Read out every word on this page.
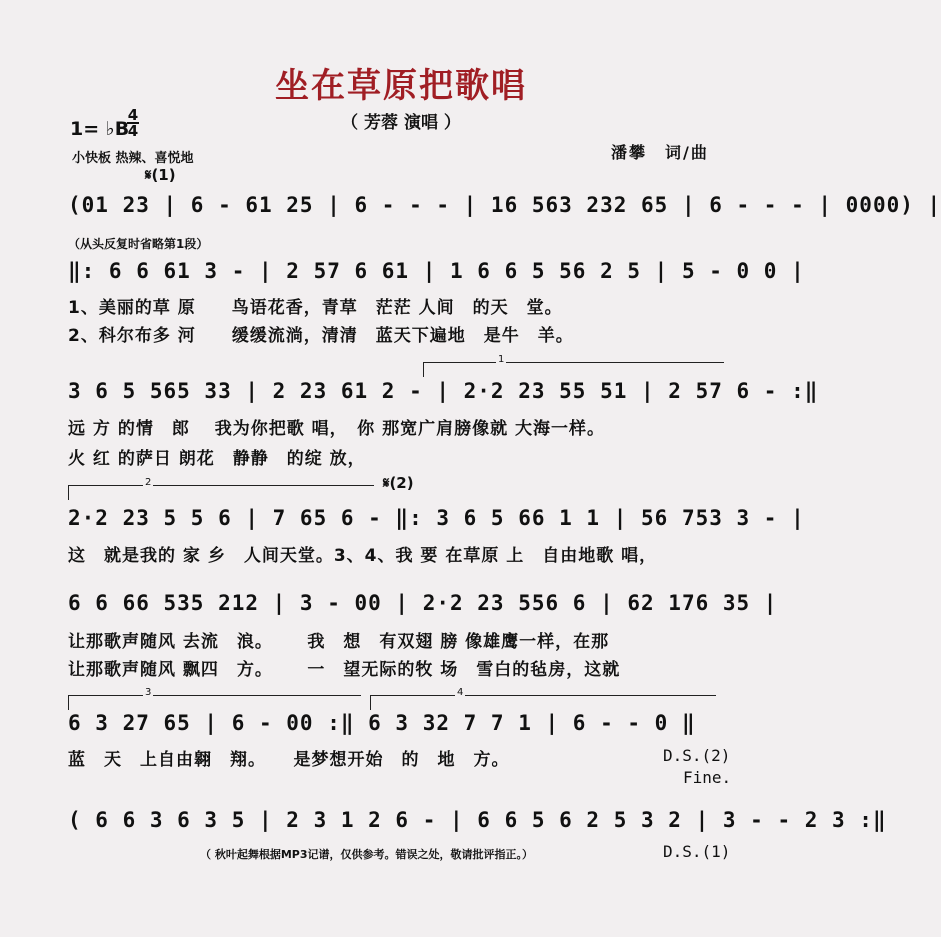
坐在草原把歌唱
（ 芳蓉 演唱 ）
1= ♭B
4
4
小快板 热辣、喜悦地	潘攀　词/曲
𝄋(1)
(01 23 | 6 - 61 25 | 6 - - - | 16 563 232 65 | 6 - - - | 0000) |
（从头反复时省略第1段）
‖: 6 6 61 3 - | 2 57 6 61 | 1 6 6 5 56 2 5 | 5 - 0 0 |
1、美丽的草 原　　鸟语花香，青草　茫茫 人间　的天　堂。
2、科尔布多 河　　缓缓流淌，清清　蓝天下遍地　是牛　羊。
1
3 6 5 565 33 | 2 23 61 2 - | 2·2 23 55 51 | 2 57 6 - :‖
远 方 的情　郎　 我为你把歌 唱，　你 那宽广肩膀像就 大海一样。
火 红 的萨日 朗花　静静　的绽 放，
2	𝄋(2)
2·2 23 5 5 6 | 7 65 6 - ‖: 3 6 5 66 1 1 | 56 753 3 - |
这　就是我的 家 乡　人间天堂。3、4、我 要 在草原 上　自由地歌 唱，
6 6 66 535 212 | 3 - 00 | 2·2 23 556 6 | 62 176 35 |
让那歌声随风 去流　浪。　　 我　想　有双翅 膀 像雄鹰一样，在那
让那歌声随风 飘四　方。　　 一　望无际的牧 场　雪白的毡房，这就
3	4
6 3 27 65 | 6 - 00 :‖ 6 3 32 7 7 1 | 6 - - 0 ‖
蓝　天　上自由翱　翔。　　是梦想开始　的　地　方。	D.S.(2)
Fine.
( 6 6 3 6 3 5 | 2 3 1 2 6 - | 6 6 5 6 2 5 3 2 | 3 - - 2 3 :‖
（ 秋叶起舞根据MP3记谱，仅供参考。错误之处，敬请批评指正。）	D.S.(1)
